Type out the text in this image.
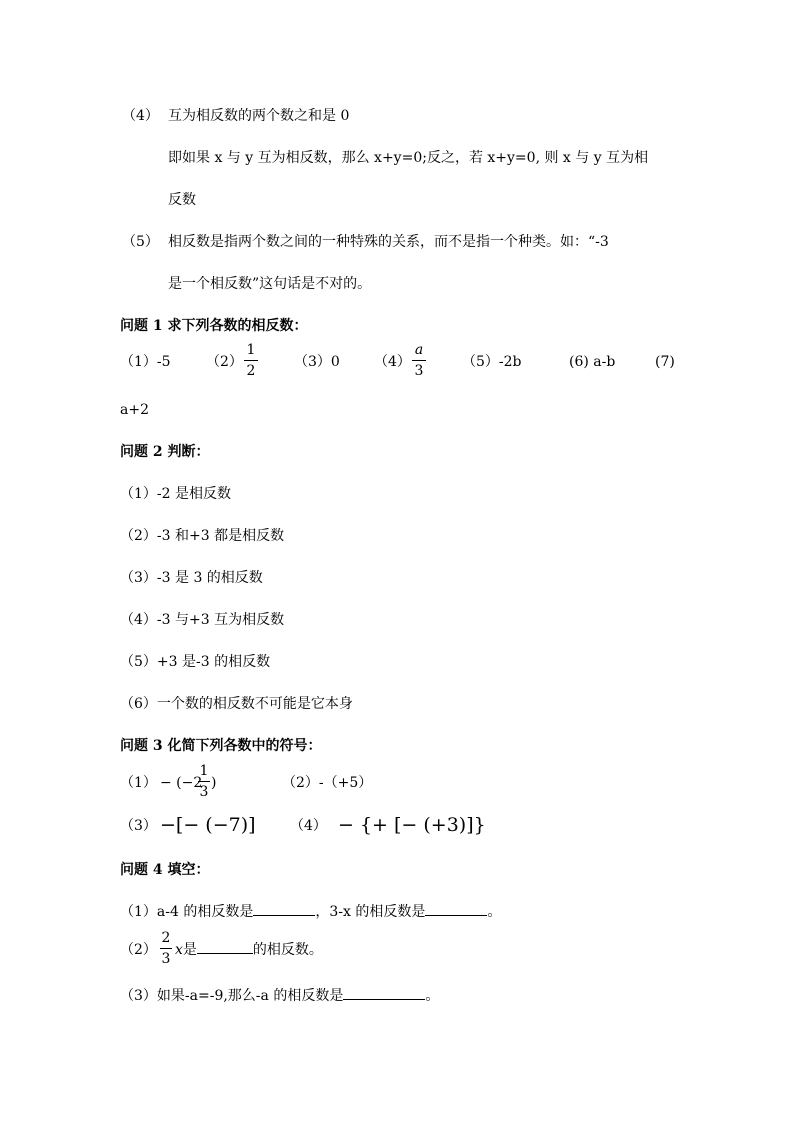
（4） 互为相反数的两个数之和是 0
即如果 x 与 y 互为相反数，那么 x+y=0;反之，若 x+y=0, 则 x 与 y 互为相
反数
（5） 相反数是指两个数之间的一种特殊的关系，而不是指一个种类。如：“-3
是一个相反数”这句话是不对的。
问题 1 求下列各数的相反数：
（1）-5	（2）
1
2
（3）0 （4）
a
3
（5）-2b	(6) a-b	(7)
a+2
问题 2 判断：
（1）-2 是相反数
（2）-3 和+3 都是相反数
（3）-3 是 3 的相反数
（4）-3 与+3 互为相反数
（5）+3 是-3 的相反数
（6）一个数的相反数不可能是它本身
问题 3 化简下列各数中的符号：
（1） − (−2
1
3
)	（2）-（+5）
（3） −[− (−7)] （4） − {+ [− (+3)]}
问题 4 填空：
（1）a-4 的相反数是	，3-x 的相反数是	。
（2）
2
3
x是	的相反数。
（3）如果-a=-9,那么-a 的相反数是	。
